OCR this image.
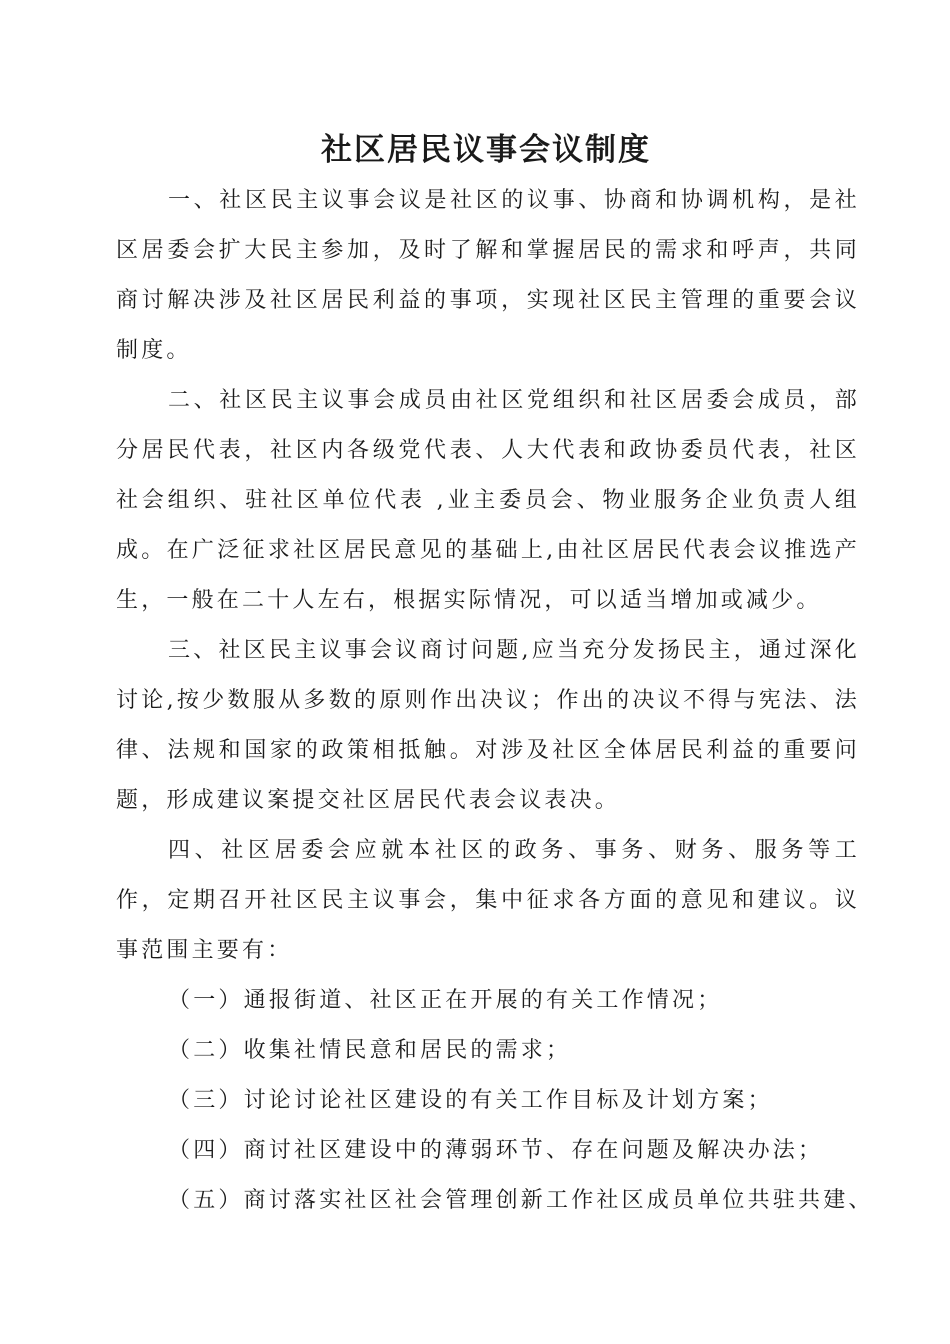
社区居民议事会议制度

一、社区民主议事会议是社区的议事、协商和协调机构，是社区居委会扩大民主参加，及时了解和掌握居民的需求和呼声，共同商讨解决涉及社区居民利益的事项，实现社区民主管理的重要会议制度。

二、社区民主议事会成员由社区党组织和社区居委会成员，部分居民代表，社区内各级党代表、人大代表和政协委员代表，社区社会组织、驻社区单位代表 ,业主委员会、物业服务企业负责人组成。在广泛征求社区居民意见的基础上,由社区居民代表会议推选产生，一般在二十人左右，根据实际情况，可以适当增加或减少。

三、社区民主议事会议商讨问题,应当充分发扬民主，通过深化讨论,按少数服从多数的原则作出决议；作出的决议不得与宪法、法律、法规和国家的政策相抵触。对涉及社区全体居民利益的重要问题，形成建议案提交社区居民代表会议表决。

四、社区居委会应就本社区的政务、事务、财务、服务等工作，定期召开社区民主议事会，集中征求各方面的意见和建议。议事范围主要有：

（一）通报街道、社区正在开展的有关工作情况；

（二）收集社情民意和居民的需求；

（三）讨论讨论社区建设的有关工作目标及计划方案；

（四）商讨社区建设中的薄弱环节、存在问题及解决办法；

（五）商讨落实社区社会管理创新工作社区成员单位共驻共建、
